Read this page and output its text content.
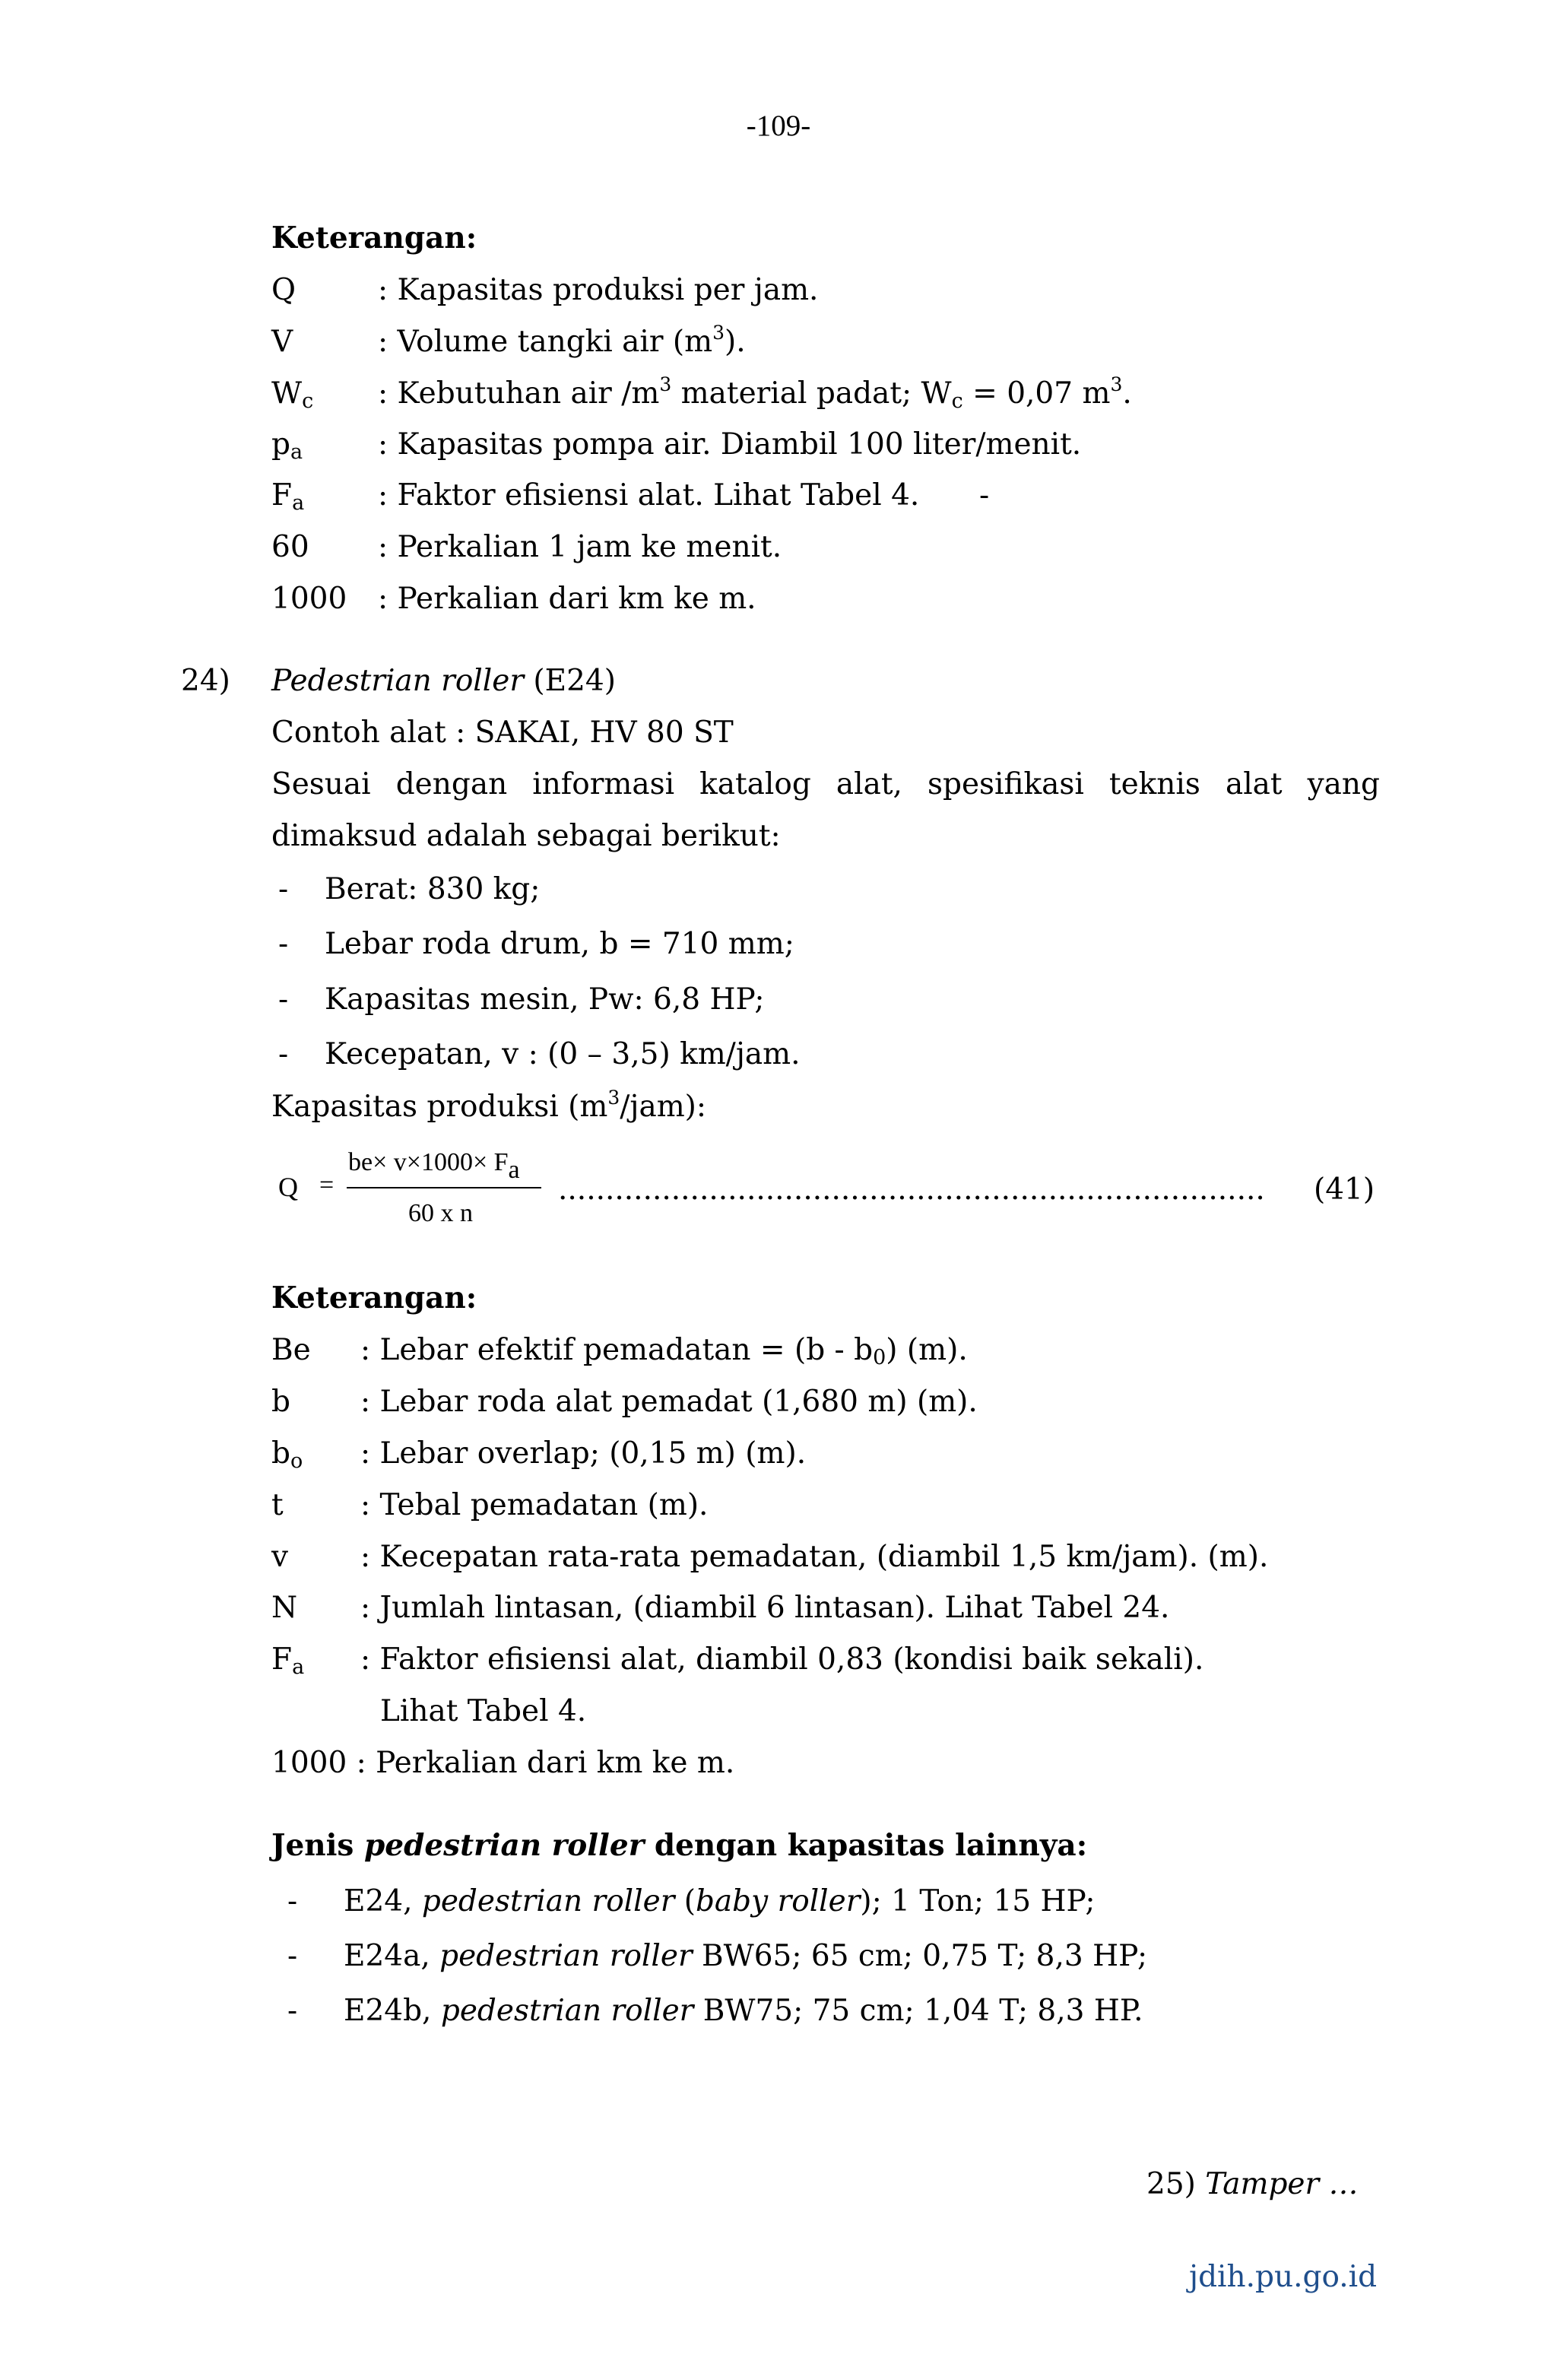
-109-
Keterangan:
Q	: Kapasitas produksi per jam.
V	: Volume tangki air $(m^3)$.
$W_c$ : Kebutuhan air $/m^3$ material padat; $W_c = 0,07$ $m^3$.
$p_a$	: Kapasitas pompa air. Diambil 100 liter/menit.
$F_a$ : Faktor efisiensi alat. Lihat Tabel 4. -
60 : Perkalian 1 jam ke menit.
1000 : Perkalian dari km ke m.
24) Pedestrian roller (E24)
Contoh alat : SAKAI, HV 80 ST
Sesuai dengan informasi katalog alat, spesifikasi teknis alat yang
dimaksud adalah sebagai berikut:
- Berat: 830 kg;
- Lebar roda drum, b = 710 mm;
- Kapasitas mesin, Pw: 6,8 HP;
- Kecepatan, v : (0 – 3,5) km/jam.
Kapasitas produksi $(m^3/jam)$:
Q =
$be\times v\times 1000\times F_a$
60 x n
........................................................................... (41)
Keterangan:
Be : Lebar efektif pemadatan = $(b - b_0)$ (m).
b : Lebar roda alat pemadat (1,680 m) (m).
$b_o$ : Lebar overlap; (0,15 m) (m).
t	: Tebal pemadatan (m).
v : Kecepatan rata-rata pemadatan, (diambil 1,5 km/jam). (m).
N : Jumlah lintasan, (diambil 6 lintasan). Lihat Tabel 24.
$F_a$ : Faktor efisiensi alat, diambil 0,83 (kondisi baik sekali).
Lihat Tabel 4.
1000 : Perkalian dari km ke m.
Jenis pedestrian roller dengan kapasitas lainnya:
- E24, pedestrian roller (baby roller); 1 Ton; 15 HP;
- E24a, pedestrian roller BW65; 65 cm; 0,75 T; 8,3 HP;
- E24b, pedestrian roller BW75; 75 cm; 1,04 T; 8,3 HP.
25) Tamper …
jdih.pu.go.id
